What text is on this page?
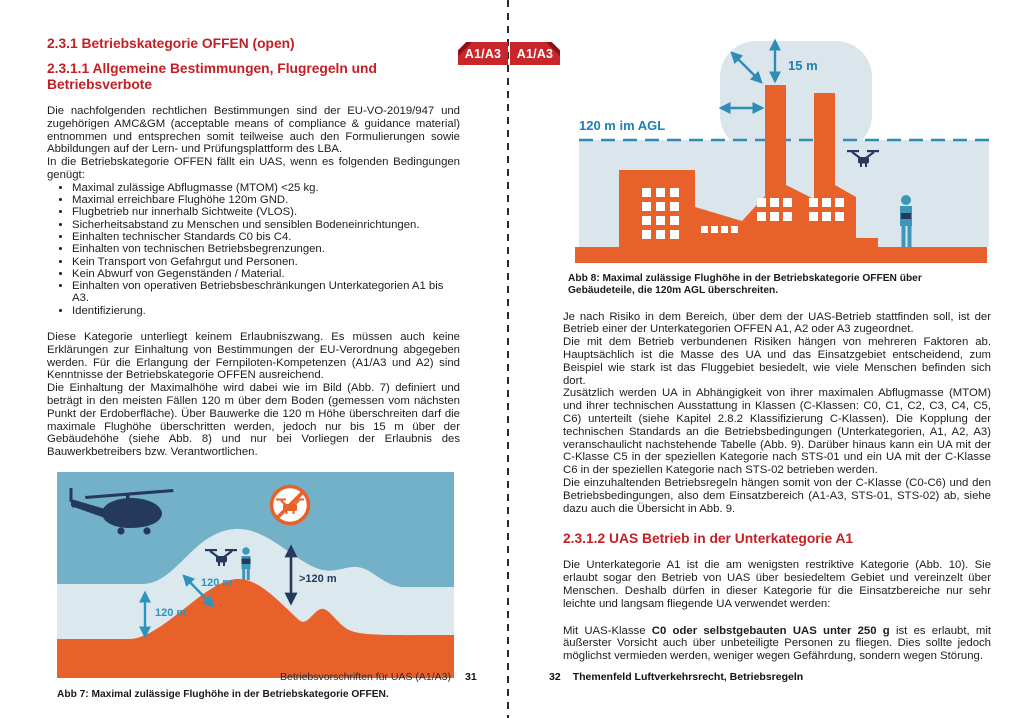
A1/A3	A1/A3
2.3.1 Betriebskategorie OFFEN (open)
2.3.1.1 Allgemeine Bestimmungen, Flugregeln und Betriebsverbote

Die nachfolgenden rechtlichen Bestimmungen sind der EU-VO-2019/947 und zugehörigen AMC&GM (acceptable means of compliance & guidance material) entnommen und entsprechen somit teilweise auch den Formulierungen sowie Abbildungen auf der Lern- und Prüfungsplattform des LBA.

In die Betriebskategorie OFFEN fällt ein UAS, wenn es folgenden Bedingungen genügt:

• Maximal zulässige Abflugmasse (MTOM) <25 kg.
• Maximal erreichbare Flughöhe 120m GND.
• Flugbetrieb nur innerhalb Sichtweite (VLOS).
• Sicherheitsabstand zu Menschen und sensiblen Bodeneinrichtungen.
• Einhalten technischer Standards C0 bis C4.
• Einhalten von technischen Betriebsbegrenzungen.
• Kein Transport von Gefahrgut und Personen.
• Kein Abwurf von Gegenständen / Material.
• Einhalten von operativen Betriebsbeschränkungen Unterkategorien A1 bis A3.
• Identifizierung.

Diese Kategorie unterliegt keinem Erlaubniszwang. Es müssen auch keine Erklärungen zur Einhaltung von Bestimmungen der EU-Verordnung abgegeben werden. Für die Erlangung der Fernpiloten-Kompetenzen (A1/A3 und A2) sind Kenntnisse der Betriebskategorie OFFEN ausreichend.

Die Einhaltung der Maximalhöhe wird dabei wie im Bild (Abb. 7) definiert und beträgt in den meisten Fällen 120 m über dem Boden (gemessen vom nächsten Punkt der Erdoberfläche). Über Bauwerke die 120 m Höhe überschreiten darf die maximale Flughöhe überschritten werden, jedoch nur bis 15 m über der Gebäudehöhe (siehe Abb. 8) und nur bei Vorliegen der Erlaubnis des Bauwerkbetreibers bzw. Verantwortlichen.

120 m
120 m	>120 m
Abb 7: Maximal zulässige Flughöhe in der Betriebskategorie OFFEN.
15 m
120 m im AGL
Abb 8: Maximal zulässige Flughöhe in der Betriebskategorie OFFEN über Gebäudeteile, die 120m AGL überschreiten.

Je nach Risiko in dem Bereich, über dem der UAS-Betrieb stattfinden soll, ist der Betrieb einer der Unterkategorien OFFEN A1, A2 oder A3 zugeordnet.

Die mit dem Betrieb verbundenen Risiken hängen von mehreren Faktoren ab. Hauptsächlich ist die Masse des UA und das Einsatzgebiet entscheidend, zum Beispiel wie stark ist das Fluggebiet besiedelt, wie viele Menschen befinden sich dort.

Zusätzlich werden UA in Abhängigkeit von ihrer maximalen Abflugmasse (MTOM) und ihrer technischen Ausstattung in Klassen (C-Klassen: C0, C1, C2, C3, C4, C5, C6) unterteilt (siehe Kapitel 2.8.2 Klassifizierung C-Klassen). Die Kopplung der technischen Standards an die Betriebsbedingungen (Unterkategorien, A1, A2, A3) veranschaulicht nachstehende Tabelle (Abb. 9). Darüber hinaus kann ein UA mit der C-Klasse C5 in der speziellen Kategorie nach STS-01 und ein UA mit der C-Klasse C6 in der speziellen Kategorie nach STS-02 betrieben werden.

Die einzuhaltenden Betriebsregeln hängen somit von der C-Klasse (C0-C6) und den Betriebsbedingungen, also dem Einsatzbereich (A1-A3, STS-01, STS-02) ab, siehe dazu auch die Übersicht in Abb. 9.

2.3.1.2 UAS Betrieb in der Unterkategorie A1

Die Unterkategorie A1 ist die am wenigsten restriktive Kategorie (Abb. 10). Sie erlaubt sogar den Betrieb von UAS über besiedeltem Gebiet und vereinzelt über Menschen. Deshalb dürfen in dieser Kategorie für die Einsatzbereiche nur sehr leichte und langsam fliegende UA verwendet werden:

Mit UAS-Klasse C0 oder selbstgebauten UAS unter 250 g ist es erlaubt, mit äußerster Vorsicht auch über unbeteiligte Personen zu fliegen. Dies sollte jedoch möglichst vermieden werden, weniger wegen Gefährdung, sondern wegen Störung.

Betriebsvorschriften für UAS (A1/A3) 31	32 Themenfeld Luftverkehrsrecht, Betriebsregeln
